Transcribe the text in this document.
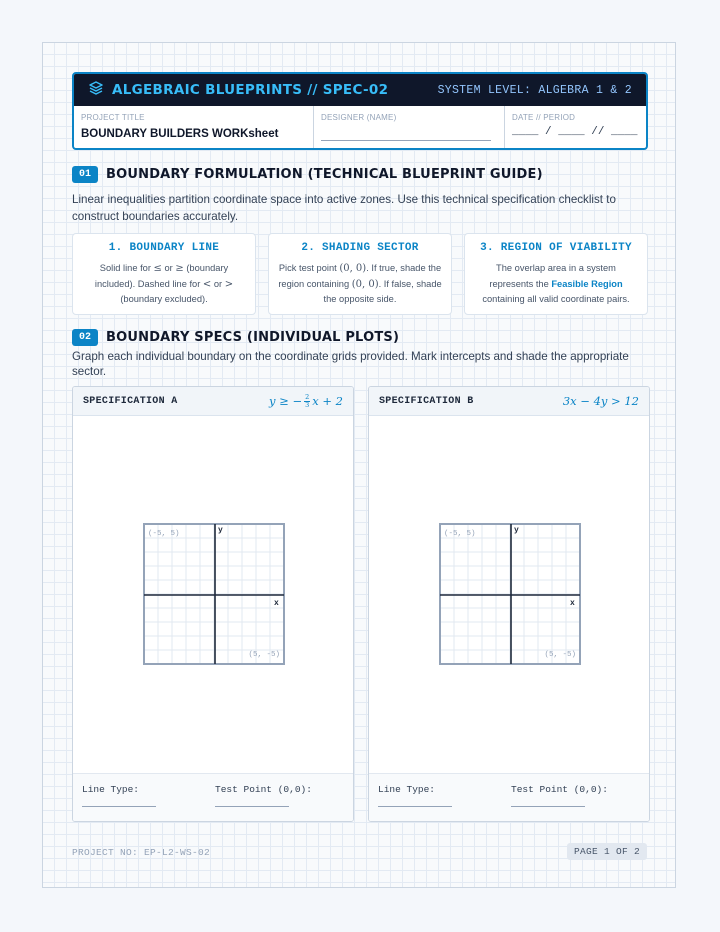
ALGEBRAIC BLUEPRINTS // SPEC-02	SYSTEM LEVEL: ALGEBRA 1 & 2
PROJECT TITLE
BOUNDARY BUILDERS WORKsheet
DESIGNER (NAME)	DATE // PERIOD
____ / ____ // ____
01	BOUNDARY FORMULATION (TECHNICAL BLUEPRINT GUIDE)
Linear inequalities partition coordinate space into active zones. Use this technical specification checklist to construct boundaries accurately.
1. BOUNDARY LINE
Solid line for ≤ or ≥ (boundary included). Dashed line for < or > (boundary excluded).
2. SHADING SECTOR
Pick test point (0, 0). If true, shade the region containing (0, 0). If false, shade the opposite side.
3. REGION OF VIABILITY
The overlap area in a system represents the Feasible Region containing all valid coordinate pairs.
02	BOUNDARY SPECS (INDIVIDUAL PLOTS)
Graph each individual boundary on the coordinate grids provided. Mark intercepts and shade the appropriate sector.
SPECIFICATION A	y ≥ − $\frac{2}{3}$ x + 2
(-5, 5)
(5, -5)
y
x
Line Type:	Test Point (0,0):
SPECIFICATION B	3x − 4y > 12
(-5, 5)
(5, -5)
y
x
Line Type:	Test Point (0,0):
PROJECT NO: EP-L2-WS-02	PAGE 1 OF 2
